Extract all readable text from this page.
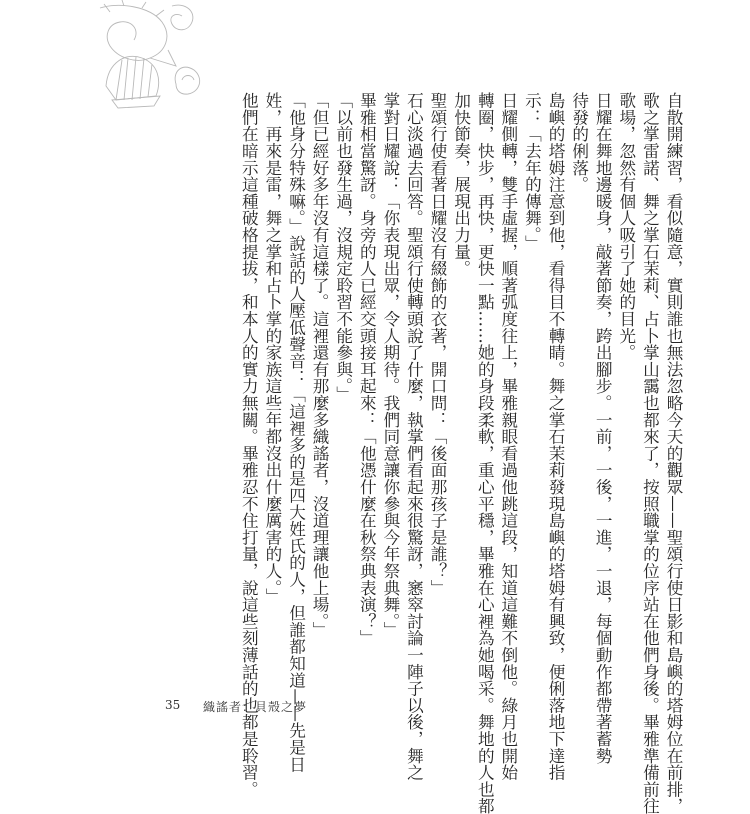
自散開練習，看似隨意，實則誰也無法忽略今天的觀眾——聖頌行使日影和島嶼的塔姆位在前排，

歌之掌雷諾、舞之掌石茉莉、占卜掌山靄也都來了，按照職掌的位序站在他們身後。畢雅準備前往

歌場，忽然有個人吸引了她的目光。

日耀在舞地邊暖身，敲著節奏，跨出腳步。一前，一後，一進，一退，每個動作都帶著蓄勢

待發的俐落。

島嶼的塔姆注意到他，看得目不轉睛。舞之掌石茉莉發現島嶼的塔姆有興致，便俐落地下達指

示：「去年的傳舞。」

日耀側轉，雙手虛握，順著弧度往上，畢雅親眼看過他跳這段，知道這難不倒他。綠月也開始

轉圈，快步，再快，更快一點……她的身段柔軟，重心平穩，畢雅在心裡為她喝采。舞地的人也都

加快節奏，展現出力量。

聖頌行使看著日耀沒有綴飾的衣著，開口問：「後面那孩子是誰？」

石心淡過去回答。聖頌行使轉頭說了什麼，執掌們看起來很驚訝，窸窣討論一陣子以後，舞之

掌對日耀說：「你表現出眾，令人期待。我們同意讓你參與今年祭典舞。」

畢雅相當驚訝。身旁的人已經交頭接耳起來：「他憑什麼在秋祭典表演？」

「以前也發生過，沒規定聆習不能參與。」

「但已經好多年沒有這樣了。這裡還有那麼多織謠者，沒道理讓他上場。」

「他身分特殊嘛。」說話的人壓低聲音：「這裡多的是四大姓氏的人，但誰都知道——先是日

姓，再來是雷，舞之掌和占卜掌的家族這些年都沒出什麼厲害的人。」

他們在暗示這種破格提拔，和本人的實力無關。畢雅忍不住打量，說這些刻薄話的也都是聆習。

35 織謠者：貝殼之夢
